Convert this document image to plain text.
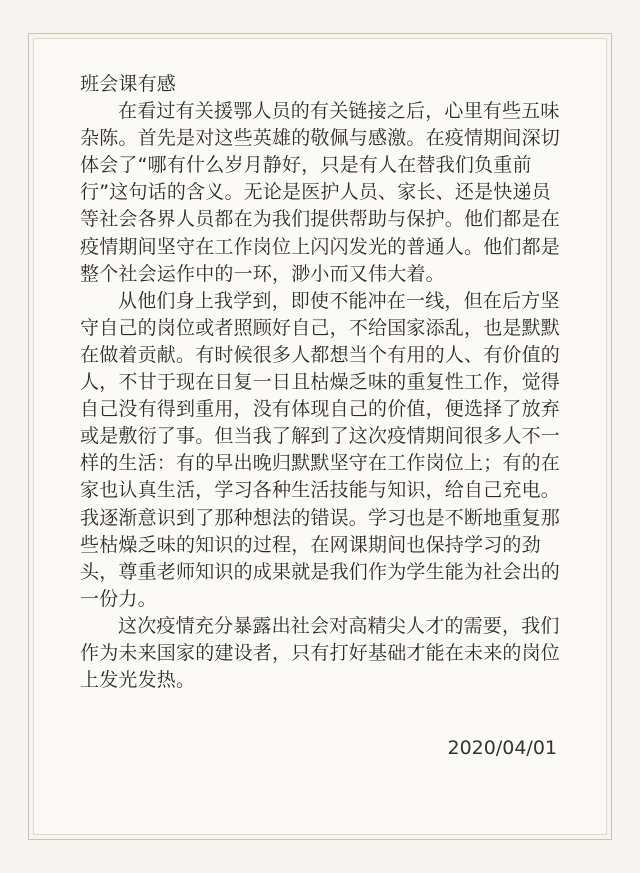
班会课有感

在看过有关援鄂人员的有关链接之后，心里有些五味杂陈。首先是对这些英雄的敬佩与感激。在疫情期间深切体会了“哪有什么岁月静好，只是有人在替我们负重前行”这句话的含义。无论是医护人员、家长、还是快递员等社会各界人员都在为我们提供帮助与保护。他们都是在疫情期间坚守在工作岗位上闪闪发光的普通人。他们都是整个社会运作中的一环，渺小而又伟大着。

从他们身上我学到，即使不能冲在一线，但在后方坚守自己的岗位或者照顾好自己，不给国家添乱，也是默默在做着贡献。有时候很多人都想当个有用的人、有价值的人，不甘于现在日复一日且枯燥乏味的重复性工作，觉得自己没有得到重用，没有体现自己的价值，便选择了放弃或是敷衍了事。但当我了解到了这次疫情期间很多人不一样的生活：有的早出晚归默默坚守在工作岗位上；有的在家也认真生活，学习各种生活技能与知识，给自己充电。我逐渐意识到了那种想法的错误。学习也是不断地重复那些枯燥乏味的知识的过程，在网课期间也保持学习的劲头，尊重老师知识的成果就是我们作为学生能为社会出的一份力。

这次疫情充分暴露出社会对高精尖人才的需要，我们作为未来国家的建设者，只有打好基础才能在未来的岗位上发光发热。

2020/04/01
